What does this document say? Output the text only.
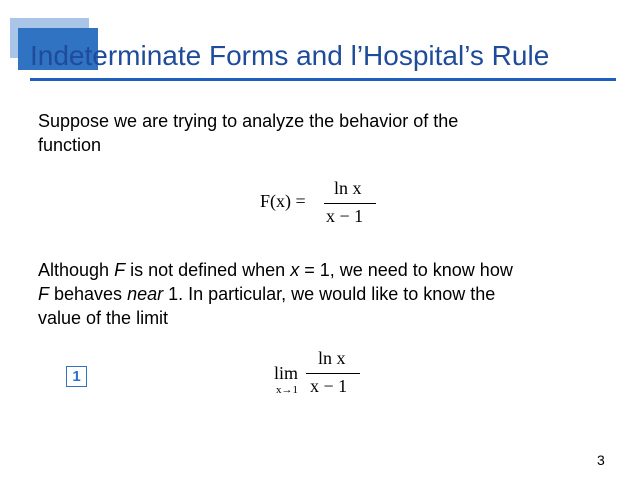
Indeterminate Forms and l’Hospital’s Rule
Suppose we are trying to analyze the behavior of the
function
F(x) =
ln x
x − 1
Although F is not defined when x = 1, we need to know how
F behaves near 1. In particular, we would like to know the
value of the limit
1	lim
x→1
ln x
x − 1
3
